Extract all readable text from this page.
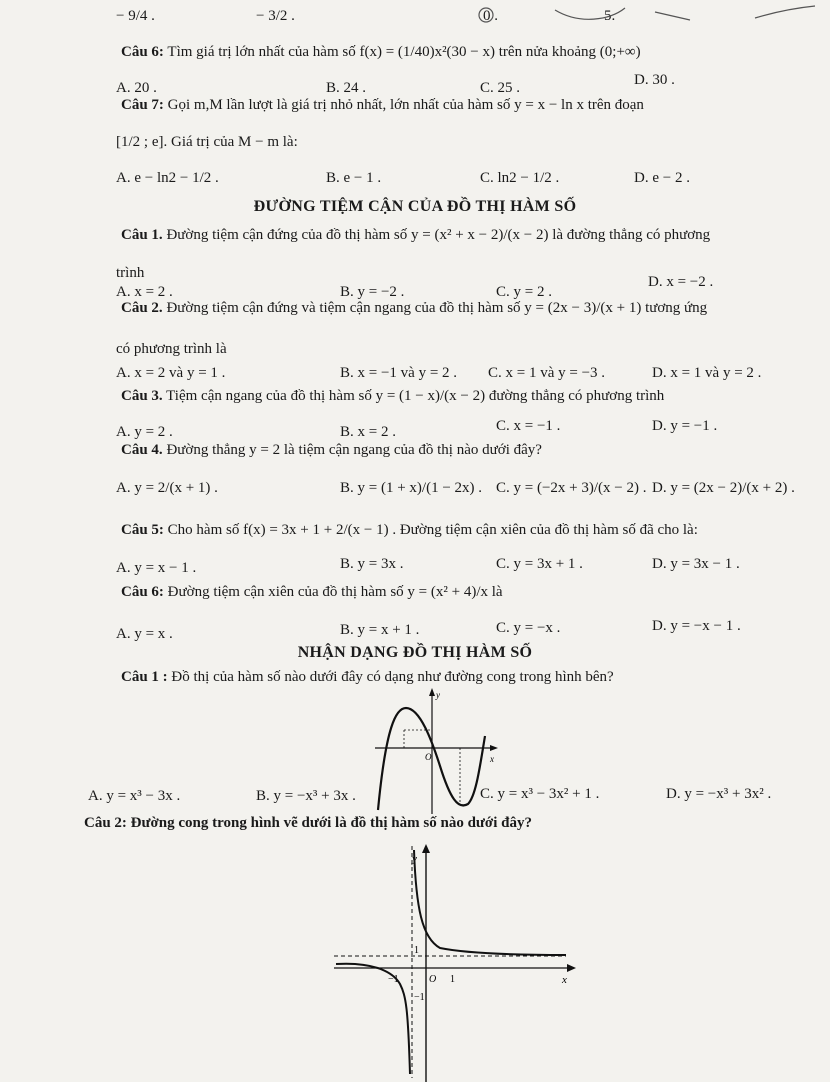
− 9/4 .	− 3/2 .	0 .	5.
Câu 6: Tìm giá trị lớn nhất của hàm số f(x) = (1/40)x²(30 − x) trên nửa khoảng (0;+∞)
A. 20 .	B. 24 .	C. 25 .	D. 30 .
Câu 7: Gọi m,M lần lượt là giá trị nhỏ nhất, lớn nhất của hàm số y = x − ln x trên đoạn
[1/2 ; e]. Giá trị của M − m là:
A. e − ln2 − 1/2 .	B. e − 1 .	C. ln2 − 1/2 .	D. e − 2 .
ĐƯỜNG TIỆM CẬN CỦA ĐỒ THỊ HÀM SỐ
Câu 1. Đường tiệm cận đứng của đồ thị hàm số y = (x² + x − 2)/(x − 2) là đường thẳng có phương
trình
A. x = 2 .	B. y = −2 .	C. y = 2 .
D. x = −2 .
Câu 2. Đường tiệm cận đứng và tiệm cận ngang của đồ thị hàm số y = (2x − 3)/(x + 1) tương ứng
có phương trình là
A. x = 2 và y = 1 .	B. x = −1 và y = 2 . C. x = 1 và y = −3 .	D. x = 1 và y = 2 .
Câu 3. Tiệm cận ngang của đồ thị hàm số y = (1 − x)/(x − 2) đường thẳng có phương trình
A. y = 2 .	B. x = 2 .	C. x = −1 .	D. y = −1 .
Câu 4. Đường thẳng y = 2 là tiệm cận ngang của đồ thị nào dưới đây?
A. y = 2/(x + 1) .	B. y = (1 + x)/(1 − 2x) . C. y = (−2x + 3)/(x − 2) . D. y = (2x − 2)/(x + 2) .
Câu 5: Cho hàm số f(x) = 3x + 1 + 2/(x − 1) . Đường tiệm cận xiên của đồ thị hàm số đã cho là:
A. y = x − 1 .	B. y = 3x .	C. y = 3x + 1 .	D. y = 3x − 1 .
Câu 6: Đường tiệm cận xiên của đồ thị hàm số y = (x² + 4)/x là
A. y = x .	B. y = x + 1 .	C. y = −x .	D. y = −x − 1 .
NHẬN DẠNG ĐỒ THỊ HÀM SỐ
Câu 1 : Đồ thị của hàm số nào dưới đây có dạng như đường cong trong hình bên?
y
x
O
A. y = x³ − 3x .	B. y = −x³ + 3x .	C. y = x³ − 3x² + 1 .	D. y = −x³ + 3x² .
Câu 2: Đường cong trong hình vẽ dưới là đồ thị hàm số nào dưới đây?
y
x
O
1
−1	1
−1
